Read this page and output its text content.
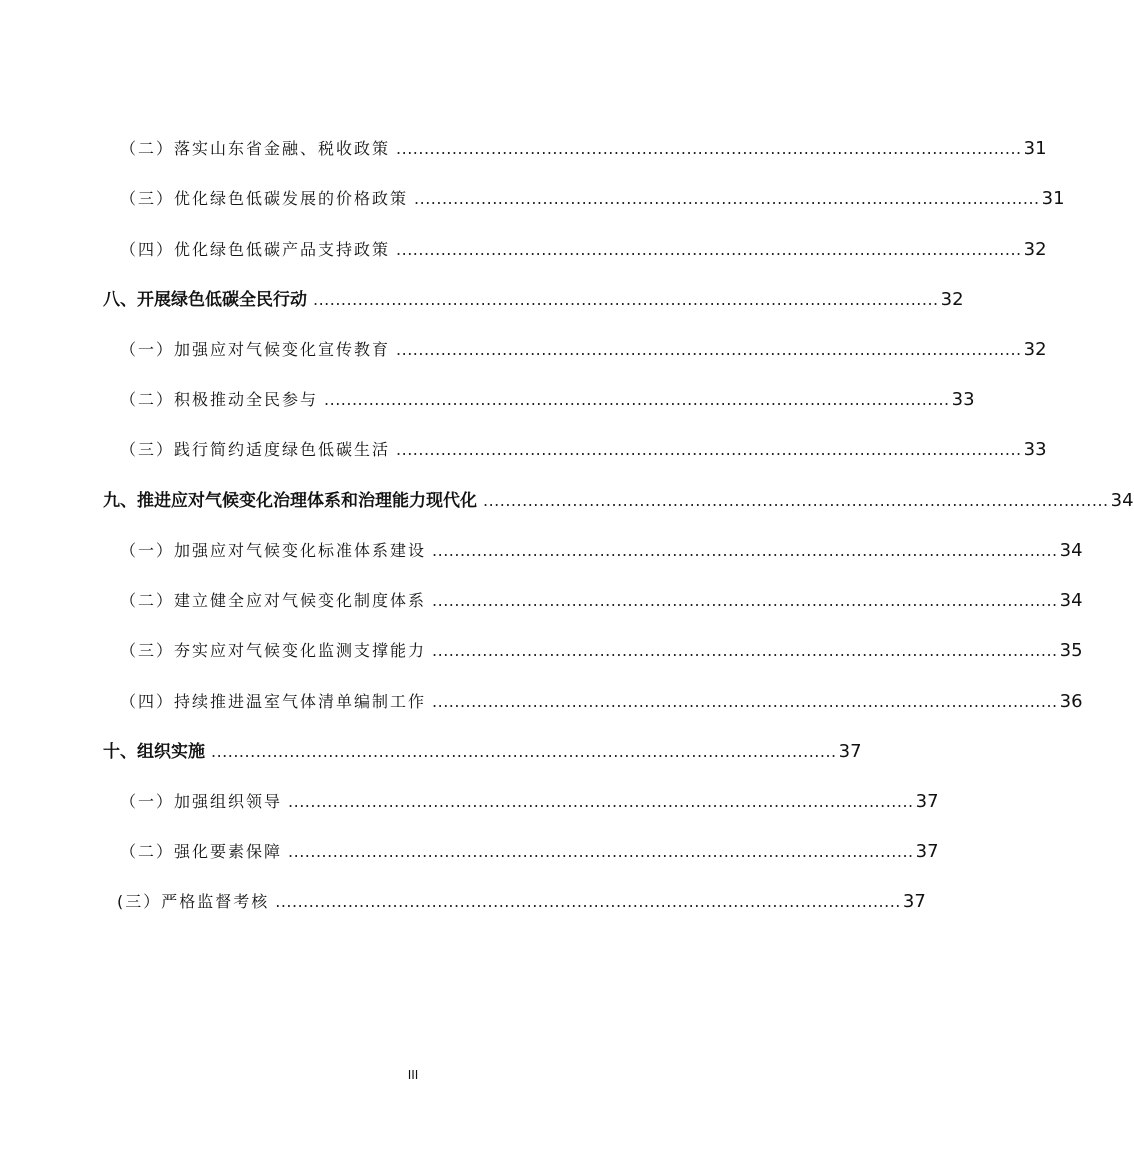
（二）落实山东省金融、税收政策 ................................................................................................................ 31
（三）优化绿色低碳发展的价格政策 ................................................................................................................ 31
（四）优化绿色低碳产品支持政策 ................................................................................................................ 32
八、开展绿色低碳全民行动 ................................................................................................................ 32
（一）加强应对气候变化宣传教育 ................................................................................................................ 32
（二）积极推动全民参与 ................................................................................................................ 33
（三）践行简约适度绿色低碳生活 ................................................................................................................ 33
九、推进应对气候变化治理体系和治理能力现代化 ................................................................................................................ 34
（一）加强应对气候变化标准体系建设 ................................................................................................................ 34
（二）建立健全应对气候变化制度体系 ................................................................................................................ 34
（三）夯实应对气候变化监测支撑能力 ................................................................................................................ 35
（四）持续推进温室气体清单编制工作 ................................................................................................................ 36
十、组织实施 ................................................................................................................ 37
（一）加强组织领导 ................................................................................................................ 37
（二）强化要素保障 ................................................................................................................ 37
(三）严格监督考核 ................................................................................................................ 37
III
